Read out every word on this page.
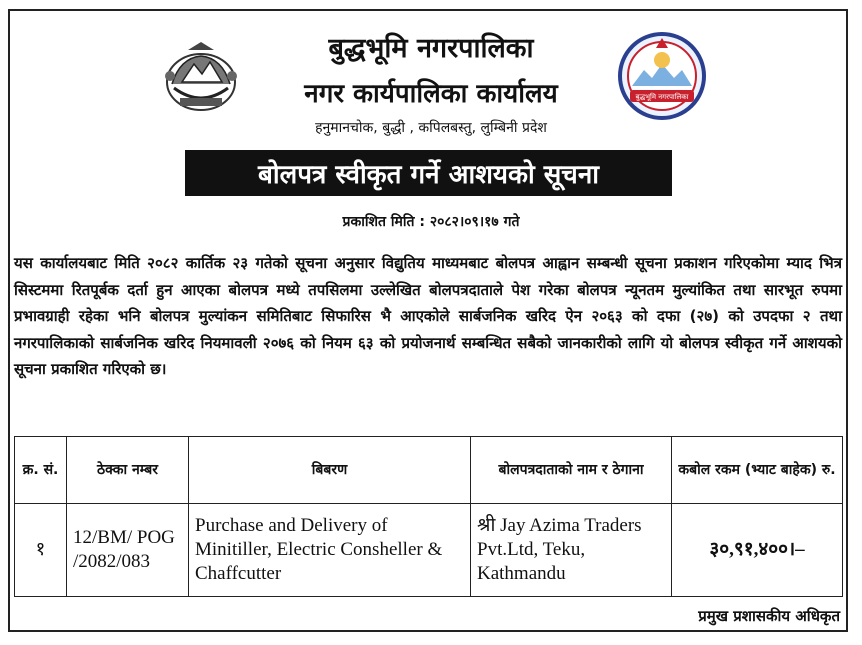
बुद्धभूमि नगरपालिका
बुद्धभूमि नगरपालिका
नगर कार्यपालिका कार्यालय
हनुमानचोक, बुद्धी , कपिलबस्तु, लुम्बिनी प्रदेश
बोलपत्र स्वीकृत गर्ने आशयको सूचना
प्रकाशित मिति : २०८२।०९।१७ गते

यस कार्यालयबाट मिति २०८२ कार्तिक २३ गतेको सूचना अनुसार विद्युतिय माध्यमबाट बोलपत्र आह्वान सम्बन्धी सूचना प्रकाशन गरिएकोमा म्याद भित्र सिस्टममा रितपूर्बक दर्ता हुन आएका बोलपत्र मध्ये तपसिलमा उल्लेखित बोलपत्रदाताले पेश गरेका बोलपत्र न्यूनतम मुल्यांकित तथा सारभूत रुपमा प्रभावग्राही रहेका भनि बोलपत्र मुल्यांकन समितिबाट सिफारिस भै आएकोले सार्बजनिक खरिद ऐन २०६३ को दफा (२७) को उपदफा २ तथा नगरपालिकाको सार्बजनिक खरिद नियमावली २०७६ को नियम ६३ को प्रयोजनार्थ सम्बन्धित सबैको जानकारीको लागि यो बोलपत्र स्वीकृत गर्ने आशयको सूचना प्रकाशित गरिएको छ।

क्र. सं.	ठेक्का नम्बर	बिबरण	बोलपत्रदाताको नाम र ठेगाना	कबोल रकम (भ्याट बाहेक) रु.
१	12/BM/ POG /2082/083	Purchase and Delivery of Minitiller, Electric Consheller & Chaffcutter	श्री Jay Azima Traders Pvt.Ltd, Teku, Kathmandu	३०,९१,४००।–
प्रमुख प्रशासकीय अधिकृत
